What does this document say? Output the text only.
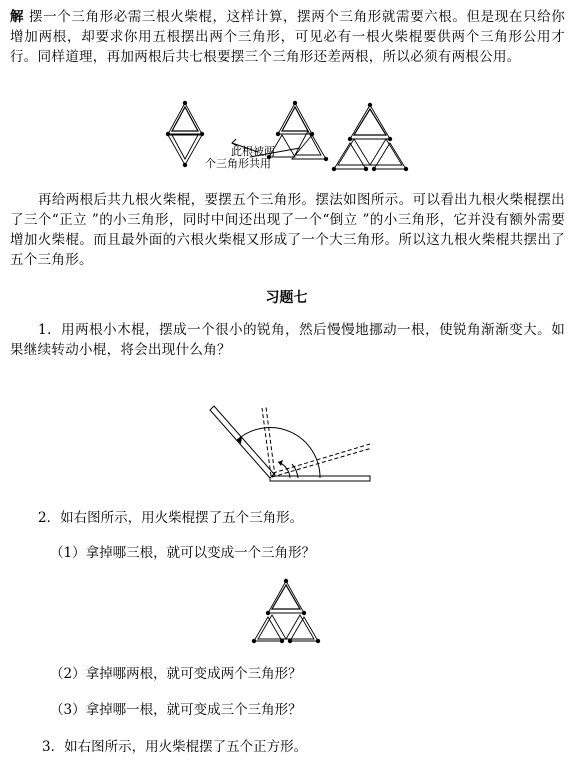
解 摆一个三角形必需三根火柴棍，这样计算，摆两个三角形就需要六根。但是现在只给你增加两根，却要求你用五根摆出两个三角形，可见必有一根火柴棍要供两个三角形公用才行。同样道理，再加两根后共七根要摆三个三角形还差两根，所以必须有两根公用。

此根被两
个三角形共用

再给两根后共九根火柴棍，要摆五个三角形。摆法如图所示。可以看出九根火柴棍摆出了三个“正立 ”的小三角形，同时中间还出现了一个“倒立 ”的小三角形，它并没有额外需要增加火柴棍。而且最外面的六根火柴棍又形成了一个大三角形。所以这九根火柴棍共摆出了五个三角形。

习题七

1．用两根小木棍，摆成一个很小的锐角，然后慢慢地挪动一根，使锐角渐渐变大。如果继续转动小棍，将会出现什么角？

2．如右图所示，用火柴棍摆了五个三角形。
（1）拿掉哪三根，就可以变成一个三角形？
（2）拿掉哪两根，就可变成两个三角形？
（3）拿掉哪一根，就可变成三个三角形？
3．如右图所示，用火柴棍摆了五个正方形。
